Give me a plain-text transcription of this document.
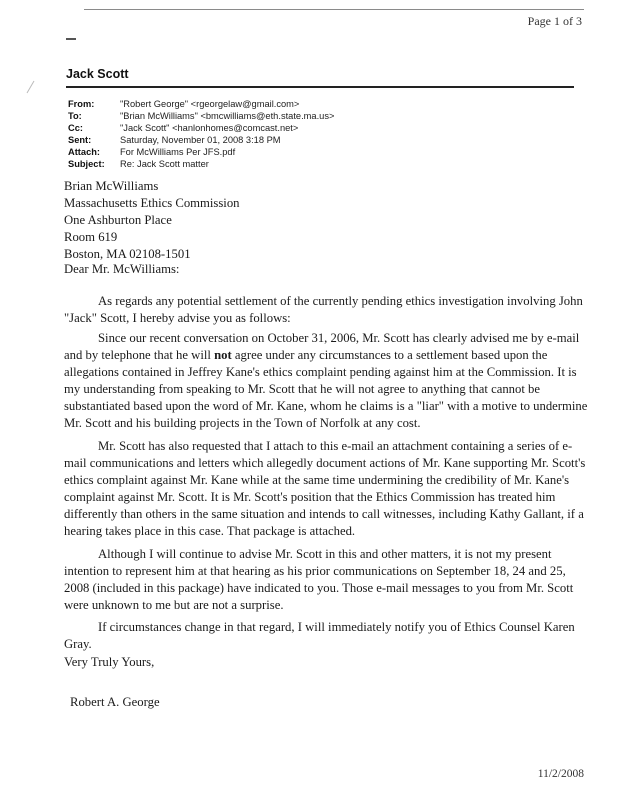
Page 1 of 3
Jack Scott
From:	"Robert George" <rgeorgelaw@gmail.com>
To:	"Brian McWilliams" <bmcwilliams@eth.state.ma.us>
Cc:	"Jack Scott" <hanlonhomes@comcast.net>
Sent:	Saturday, November 01, 2008 3:18 PM
Attach:	For McWilliams Per JFS.pdf
Subject:	Re: Jack Scott matter
Brian McWilliams
Massachusetts Ethics Commission
One Ashburton Place
Room 619
Boston, MA 02108-1501
Dear Mr. McWilliams:

As regards any potential settlement of the currently pending ethics investigation involving John "Jack" Scott, I hereby advise you as follows:

Since our recent conversation on October 31, 2006, Mr. Scott has clearly advised me by e-mail and by telephone that he will not agree under any circumstances to a settlement based upon the allegations contained in Jeffrey Kane's ethics complaint pending against him at the Commission. It is my understanding from speaking to Mr. Scott that he will not agree to anything that cannot be substantiated based upon the word of Mr. Kane, whom he claims is a "liar" with a motive to undermine Mr. Scott and his building projects in the Town of Norfolk at any cost.

Mr. Scott has also requested that I attach to this e-mail an attachment containing a series of e-mail communications and letters which allegedly document actions of Mr. Kane supporting Mr. Scott's ethics complaint against Mr. Kane while at the same time undermining the credibility of Mr. Kane's complaint against Mr. Scott. It is Mr. Scott's position that the Ethics Commission has treated him differently than others in the same situation and intends to call witnesses, including Kathy Gallant, if a hearing takes place in this case. That package is attached.

Although I will continue to advise Mr. Scott in this and other matters, it is not my present intention to represent him at that hearing as his prior communications on September 18, 24 and 25, 2008 (included in this package) have indicated to you. Those e-mail messages to you from Mr. Scott were unknown to me but are not a surprise.

If circumstances change in that regard, I will immediately notify you of Ethics Counsel Karen Gray.

Very Truly Yours,
Robert A. George
11/2/2008
